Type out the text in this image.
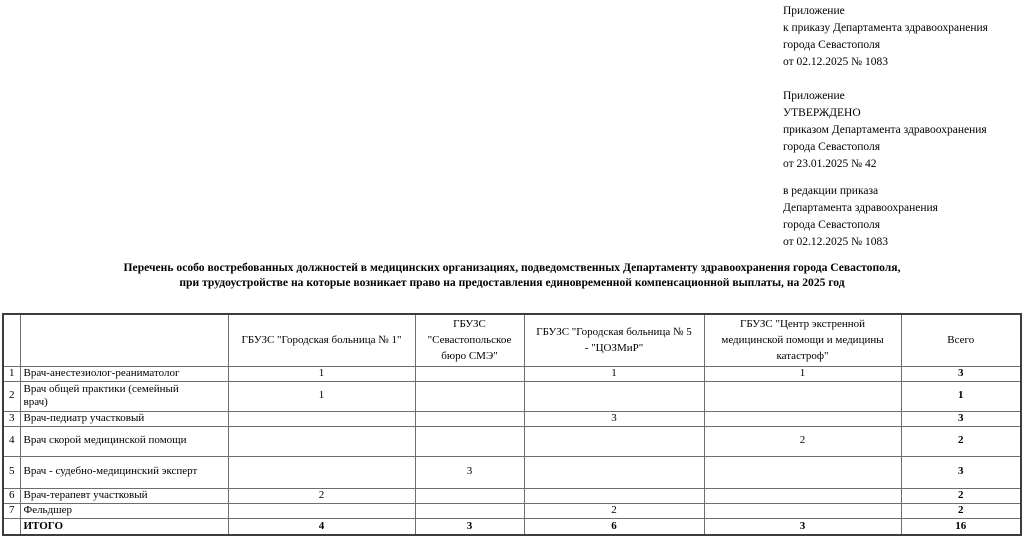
Приложение
к приказу Департамента здравоохранения
города Севастополя
от 02.12.2025 № 1083
Приложение
УТВЕРЖДЕНО
приказом Департамента здравоохранения
города Севастополя
от 23.01.2025 № 42
в редакции приказа
Департамента здравоохранения
города Севастополя
от 02.12.2025 № 1083
Перечень особо востребованных должностей в медицинских организациях, подведомственных Департаменту здравоохранения города Севастополя,
при трудоустройстве на которые возникает право на предоставления единовременной компенсационной выплаты, на 2025 год

		ГБУЗС "Городская больница № 1"	ГБУЗС "Севастопольское бюро СМЭ"	ГБУЗС "Городская больница № 5 - "ЦОЗМиР"	ГБУЗС "Центр экстренной медицинской помощи и медицины катастроф"	Всего
1	Врач-анестезиолог-реаниматолог	1		1	1	3
2	Врач общей практики (семейный врач)	1				1
3	Врач-педиатр участковый			3		3
4	Врач скорой медицинской помощи				2	2
5	Врач - судебно-медицинский эксперт		3			3
6	Врач-терапевт участковый	2				2
7	Фельдшер			2		2
	ИТОГО	4	3	6	3	16
